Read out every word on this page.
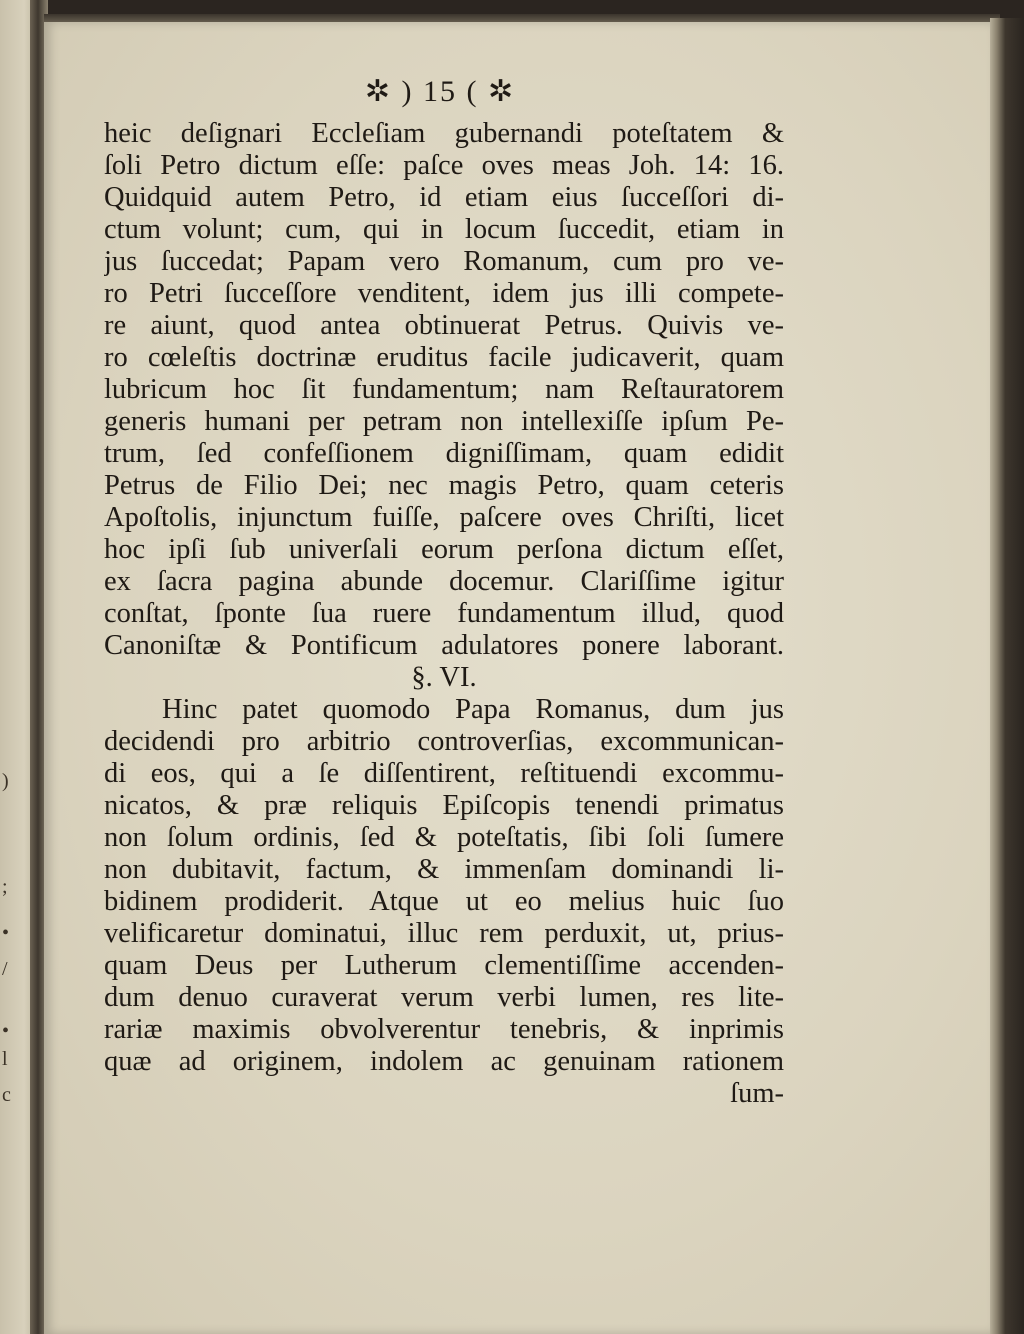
)
;
•
/
•
l
c
✲ ) 15 ( ✲
heic deſignari Eccleſiam gubernandi poteſtatem &
ſoli Petro dictum eſſe: paſce oves meas Joh. 14: 16.
Quidquid autem Petro, id etiam eius ſucceſſori di-
ctum volunt; cum, qui in locum ſuccedit, etiam in
jus ſuccedat; Papam vero Romanum, cum pro ve-
ro Petri ſucceſſore venditent, idem jus illi compete-
re aiunt, quod antea obtinuerat Petrus. Quivis ve-
ro cœleſtis doctrinæ eruditus facile judicaverit, quam
lubricum hoc ſit fundamentum; nam Reſtauratorem
generis humani per petram non intellexiſſe ipſum Pe-
trum, ſed confeſſionem digniſſimam, quam edidit
Petrus de Filio Dei; nec magis Petro, quam ceteris
Apoſtolis, injunctum fuiſſe, paſcere oves Chriſti, licet
hoc ipſi ſub univerſali eorum perſona dictum eſſet,
ex ſacra pagina abunde docemur. Clariſſime igitur
conſtat, ſponte ſua ruere fundamentum illud, quod
Canoniſtæ & Pontificum adulatores ponere laborant.
§. VI.
Hinc patet quomodo Papa Romanus, dum jus
decidendi pro arbitrio controverſias, excommunican-
di eos, qui a ſe diſſentirent, reſtituendi excommu-
nicatos, & præ reliquis Epiſcopis tenendi primatus
non ſolum ordinis, ſed & poteſtatis, ſibi ſoli ſumere
non dubitavit, factum, & immenſam dominandi li-
bidinem prodiderit. Atque ut eo melius huic ſuo
velificaretur dominatui, illuc rem perduxit, ut, prius-
quam Deus per Lutherum clementiſſime accenden-
dum denuo curaverat verum verbi lumen, res lite-
rariæ maximis obvolverentur tenebris, & inprimis
quæ ad originem, indolem ac genuinam rationem
ſum-
